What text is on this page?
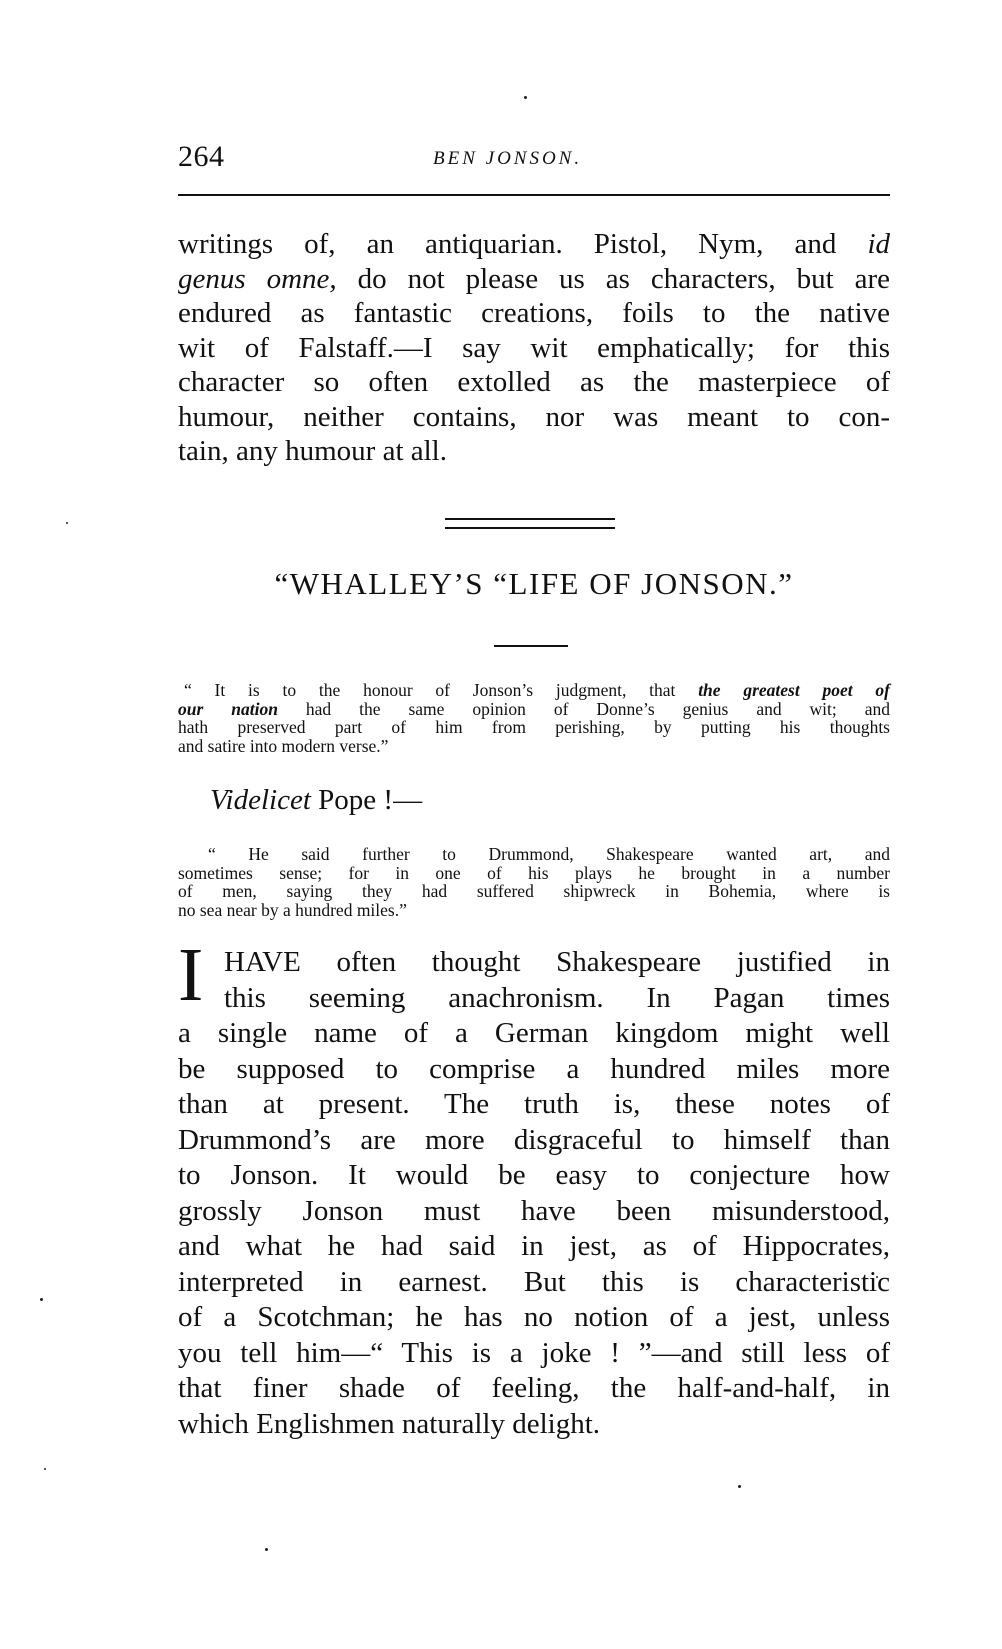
264	BEN JONSON.

writings of, an antiquarian. Pistol, Nym, and id
genus omne, do not please us as characters, but are
endured as fantastic creations, foils to the native
wit of Falstaff.—I say wit emphatically; for this
character so often extolled as the masterpiece of
humour, neither contains, nor was meant to con-
tain, any humour at all.

“WHALLEY’S “LIFE OF JONSON.”

“ It is to the honour of Jonson’s judgment, that the greatest poet of
our nation had the same opinion of Donne’s genius and wit; and
hath preserved part of him from perishing, by putting his thoughts
and satire into modern verse.”

Videlicet Pope !—

“ He said further to Drummond, Shakespeare wanted art, and
sometimes sense; for in one of his plays he brought in a number
of men, saying they had suffered shipwreck in Bohemia, where is
no sea near by a hundred miles.”

I HAVE often thought Shakespeare justified in
this seeming anachronism. In Pagan times
a single name of a German kingdom might well
be supposed to comprise a hundred miles more
than at present. The truth is, these notes of
Drummond’s are more disgraceful to himself than
to Jonson. It would be easy to conjecture how
grossly Jonson must have been misunderstood,
and what he had said in jest, as of Hippocrates,
interpreted in earnest. But this is characteristic
of a Scotchman; he has no notion of a jest, unless
you tell him—“ This is a joke ! ”—and still less of
that finer shade of feeling, the half-and-half, in
which Englishmen naturally delight.
